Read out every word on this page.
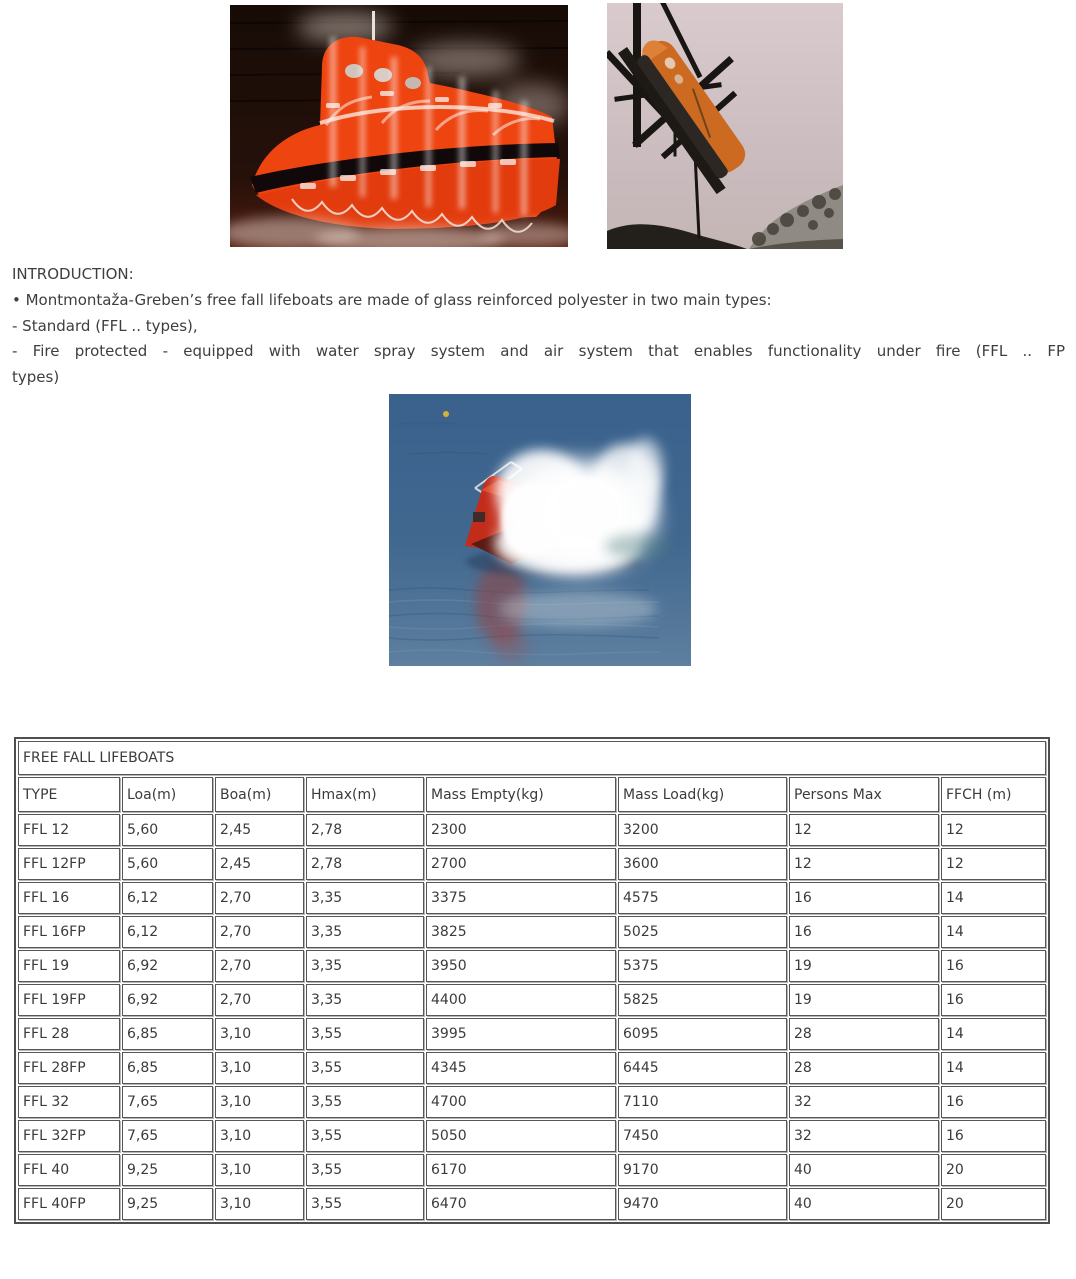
INTRODUCTION:
• Montmontaža-Greben’s free fall lifeboats are made of glass reinforced polyester in two main types:
- Standard (FFL .. types),
- Fire protected - equipped with water spray system and air system that enables functionality under fire (FFL .. FP
types)
FREE FALL LIFEBOATS							
TYPE	Loa(m)	Boa(m)	Hmax(m)	Mass Empty(kg)	Mass Load(kg)	Persons Max	FFCH (m)
FFL 12	5,60	2,45	2,78	2300	3200	12	12
FFL 12FP	5,60	2,45	2,78	2700	3600	12	12
FFL 16	6,12	2,70	3,35	3375	4575	16	14
FFL 16FP	6,12	2,70	3,35	3825	5025	16	14
FFL 19	6,92	2,70	3,35	3950	5375	19	16
FFL 19FP	6,92	2,70	3,35	4400	5825	19	16
FFL 28	6,85	3,10	3,55	3995	6095	28	14
FFL 28FP	6,85	3,10	3,55	4345	6445	28	14
FFL 32	7,65	3,10	3,55	4700	7110	32	16
FFL 32FP	7,65	3,10	3,55	5050	7450	32	16
FFL 40	9,25	3,10	3,55	6170	9170	40	20
FFL 40FP	9,25	3,10	3,55	6470	9470	40	20
